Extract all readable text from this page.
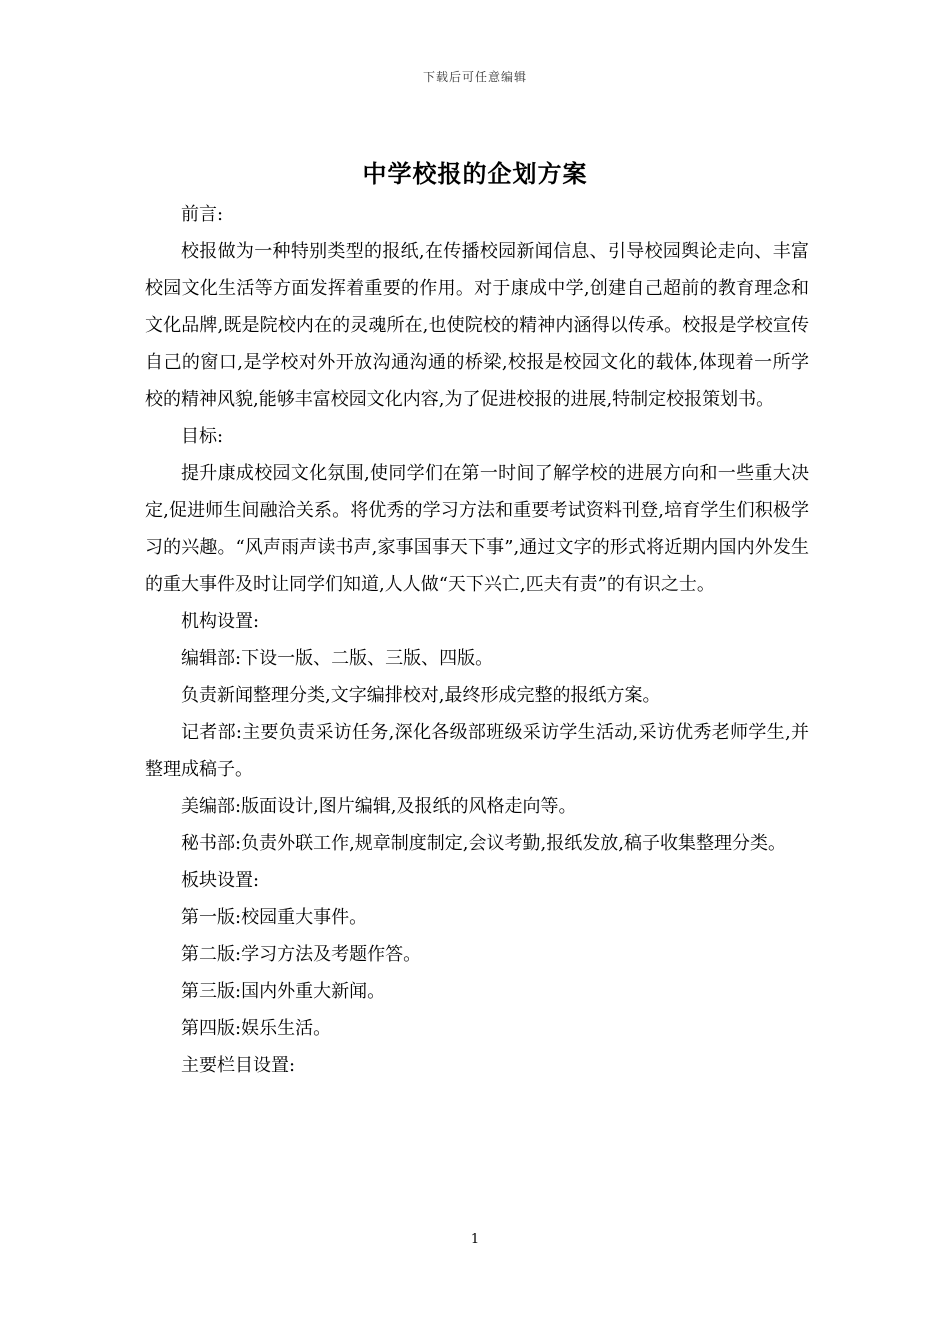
下载后可任意编辑
中学校报的企划方案

前言:

校报做为一种特别类型的报纸,在传播校园新闻信息、引导校园舆论走向、丰富校园文化生活等方面发挥着重要的作用。对于康成中学,创建自己超前的教育理念和文化品牌,既是院校内在的灵魂所在,也使院校的精神内涵得以传承。校报是学校宣传自己的窗口,是学校对外开放沟通沟通的桥梁,校报是校园文化的载体,体现着一所学校的精神风貌,能够丰富校园文化内容,为了促进校报的进展,特制定校报策划书。

目标:

提升康成校园文化氛围,使同学们在第一时间了解学校的进展方向和一些重大决定,促进师生间融洽关系。将优秀的学习方法和重要考试资料刊登,培育学生们积极学习的兴趣。“风声雨声读书声,家事国事天下事”,通过文字的形式将近期内国内外发生的重大事件及时让同学们知道,人人做“天下兴亡,匹夫有责”的有识之士。

机构设置:

编辑部:下设一版、二版、三版、四版。

负责新闻整理分类,文字编排校对,最终形成完整的报纸方案。

记者部:主要负责采访任务,深化各级部班级采访学生活动,采访优秀老师学生,并整理成稿子。

美编部:版面设计,图片编辑,及报纸的风格走向等。

秘书部:负责外联工作,规章制度制定,会议考勤,报纸发放,稿子收集整理分类。

板块设置:

第一版:校园重大事件。

第二版:学习方法及考题作答。

第三版:国内外重大新闻。

第四版:娱乐生活。

主要栏目设置:

1
